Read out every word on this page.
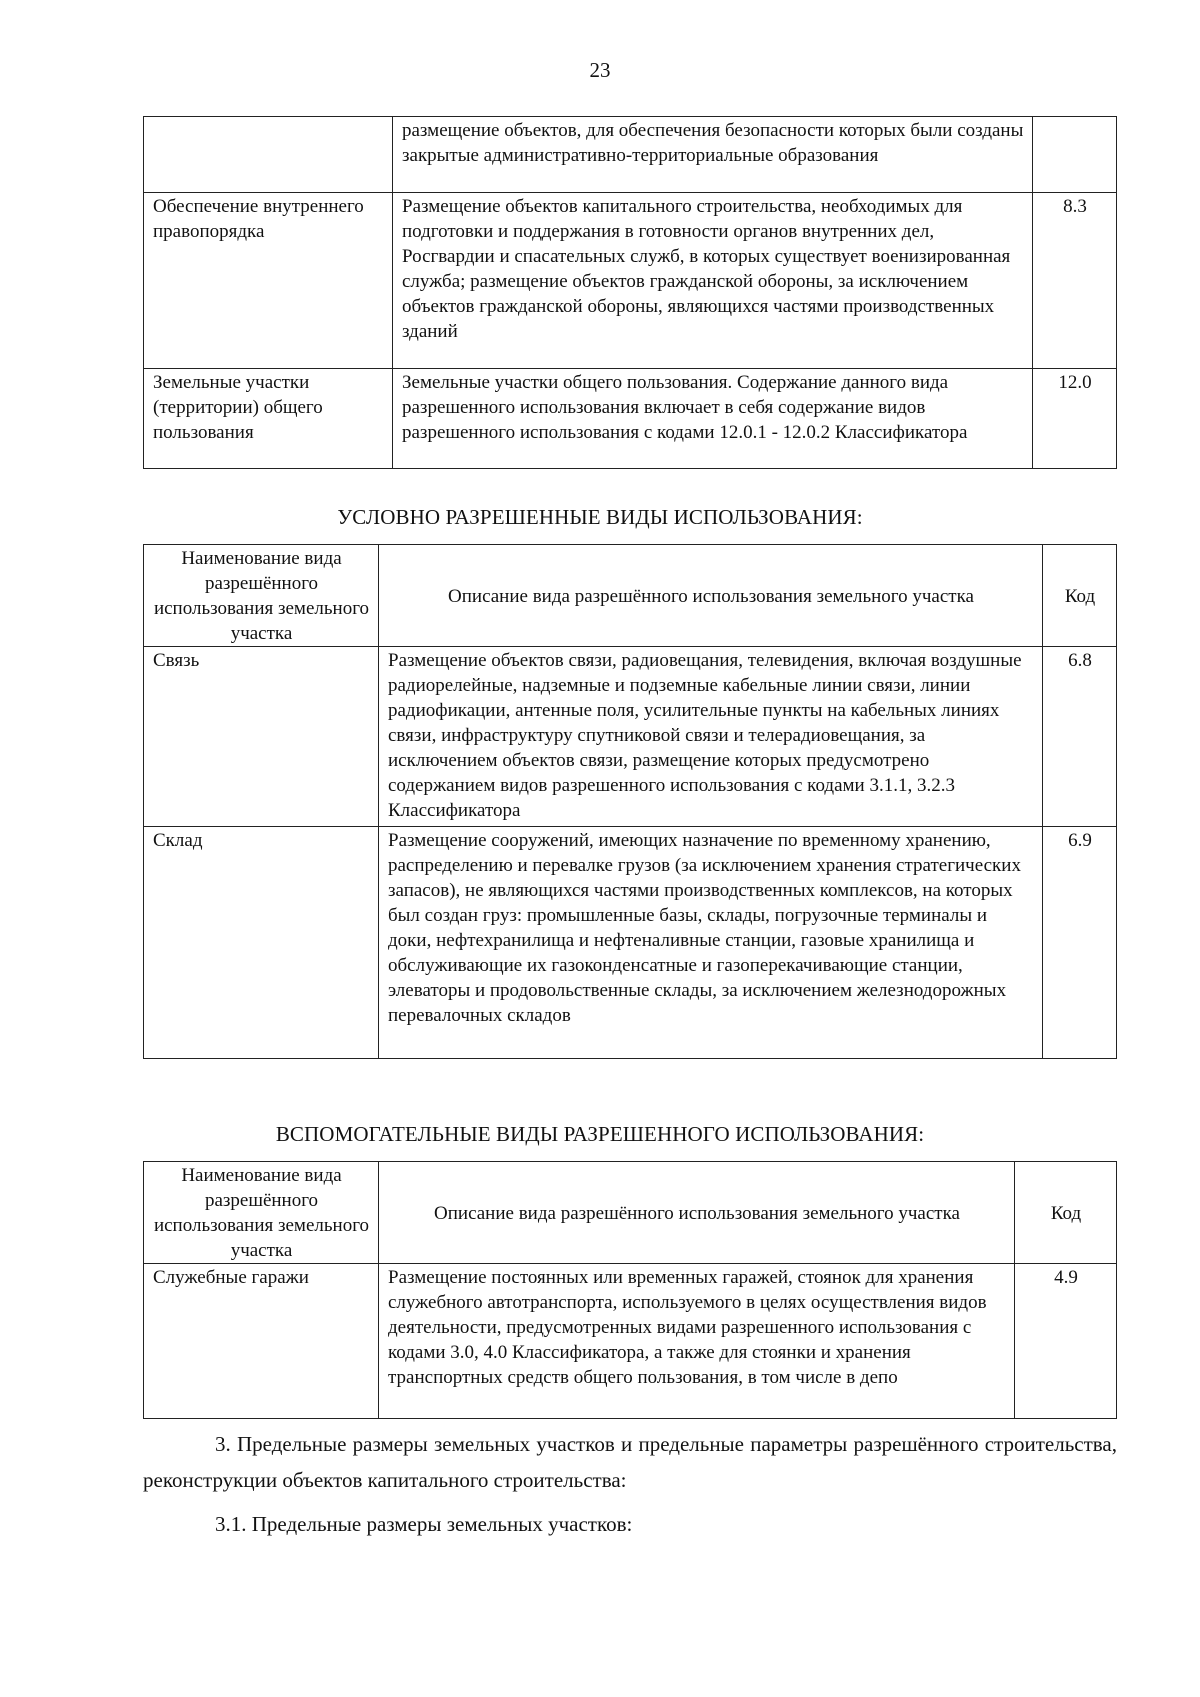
23
	размещение объектов, для обеспечения безопасности которых были созданы закрытые административно-территориальные образования	
Обеспечение внутреннего правопорядка	Размещение объектов капитального строительства, необходимых для подготовки и поддержания в готовности органов внутренних дел, Росгвардии и спасательных служб, в которых существует военизированная служба; размещение объектов гражданской обороны, за исключением объектов гражданской обороны, являющихся частями производственных зданий	8.3
Земельные участки (территории) общего пользования	Земельные участки общего пользования. Содержание данного вида разрешенного использования включает в себя содержание видов разрешенного использования с кодами 12.0.1 - 12.0.2 Классификатора	12.0
УСЛОВНО РАЗРЕШЕННЫЕ ВИДЫ ИСПОЛЬЗОВАНИЯ:
Наименование вида разрешённого использования земельного участка	Описание вида разрешённого использования земельного участка	Код
Связь	Размещение объектов связи, радиовещания, телевидения, включая воздушные радиорелейные, надземные и подземные кабельные линии связи, линии радиофикации, антенные поля, усилительные пункты на кабельных линиях связи, инфраструктуру спутниковой связи и телерадиовещания, за исключением объектов связи, размещение которых предусмотрено содержанием видов разрешенного использования с кодами 3.1.1, 3.2.3 Классификатора	6.8
Склад	Размещение сооружений, имеющих назначение по временному хранению, распределению и перевалке грузов (за исключением хранения стратегических запасов), не являющихся частями производственных комплексов, на которых был создан груз: промышленные базы, склады, погрузочные терминалы и доки, нефтехранилища и нефтеналивные станции, газовые хранилища и обслуживающие их газоконденсатные и газоперекачивающие станции, элеваторы и продовольственные склады, за исключением железнодорожных перевалочных складов	6.9
ВСПОМОГАТЕЛЬНЫЕ ВИДЫ РАЗРЕШЕННОГО ИСПОЛЬЗОВАНИЯ:
Наименование вида разрешённого использования земельного участка	Описание вида разрешённого использования земельного участка	Код
Служебные гаражи	Размещение постоянных или временных гаражей, стоянок для хранения служебного автотранспорта, используемого в целях осуществления видов деятельности, предусмотренных видами разрешенного использования с кодами 3.0, 4.0 Классификатора, а также для стоянки и хранения транспортных средств общего пользования, в том числе в депо	4.9

3. Предельные размеры земельных участков и предельные параметры разрешённого строительства, реконструкции объектов капитального строительства:

3.1. Предельные размеры земельных участков:
